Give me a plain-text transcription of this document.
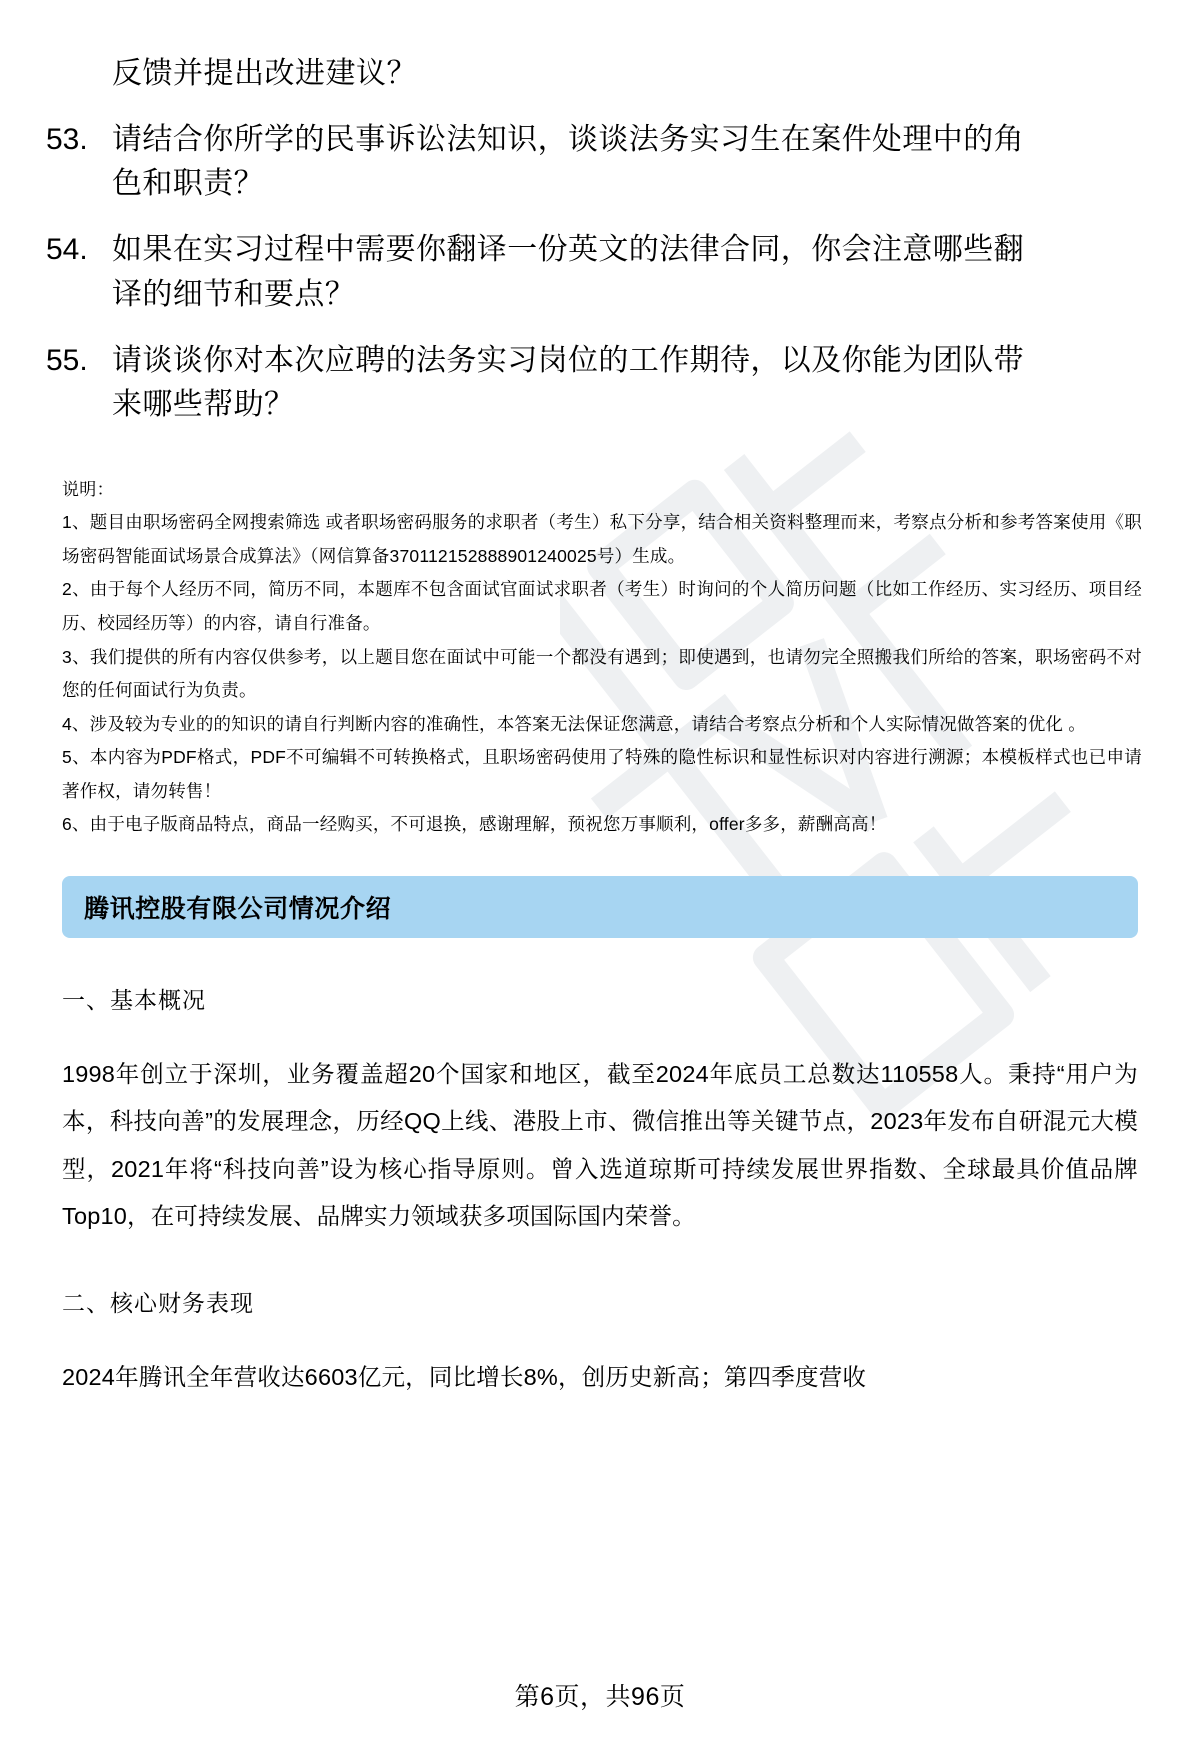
反馈并提出改进建议？
53. 请结合你所学的民事诉讼法知识，谈谈法务实习生在案件处理中的角色和职责？
54. 如果在实习过程中需要你翻译一份英文的法律合同，你会注意哪些翻译的细节和要点？
55. 请谈谈你对本次应聘的法务实习岗位的工作期待，以及你能为团队带来哪些帮助？
说明：
1、题目由职场密码全网搜索筛选 或者职场密码服务的求职者（考生）私下分享，结合相关资料整理而来，考察点分析和参考答案使用《职场密码智能面试场景合成算法》（网信算备370112152888901240025号）生成。
2、由于每个人经历不同，简历不同，本题库不包含面试官面试求职者（考生）时询问的个人简历问题（比如工作经历、实习经历、项目经历、校园经历等）的内容，请自行准备。
3、我们提供的所有内容仅供参考，以上题目您在面试中可能一个都没有遇到；即使遇到，也请勿完全照搬我们所给的答案，职场密码不对您的任何面试行为负责。
4、涉及较为专业的的知识的请自行判断内容的准确性，本答案无法保证您满意，请结合考察点分析和个人实际情况做答案的优化 。
5、本内容为PDF格式，PDF不可编辑不可转换格式，且职场密码使用了特殊的隐性标识和显性标识对内容进行溯源；本模板样式也已申请著作权，请勿转售！
6、由于电子版商品特点，商品一经购买，不可退换，感谢理解，预祝您万事顺利，offer多多，薪酬高高！
腾讯控股有限公司情况介绍
一、基本概况
1998年创立于深圳，业务覆盖超20个国家和地区，截至2024年底员工总数达110558人。秉持“用户为本，科技向善”的发展理念，历经QQ上线、港股上市、微信推出等关键节点，2023年发布自研混元大模型，2021年将“科技向善”设为核心指导原则。曾入选道琼斯可持续发展世界指数、全球最具价值品牌Top10，在可持续发展、品牌实力领域获多项国际国内荣誉。
二、核心财务表现
2024年腾讯全年营收达6603亿元，同比增长8%，创历史新高；第四季度营收
第6页，共96页
